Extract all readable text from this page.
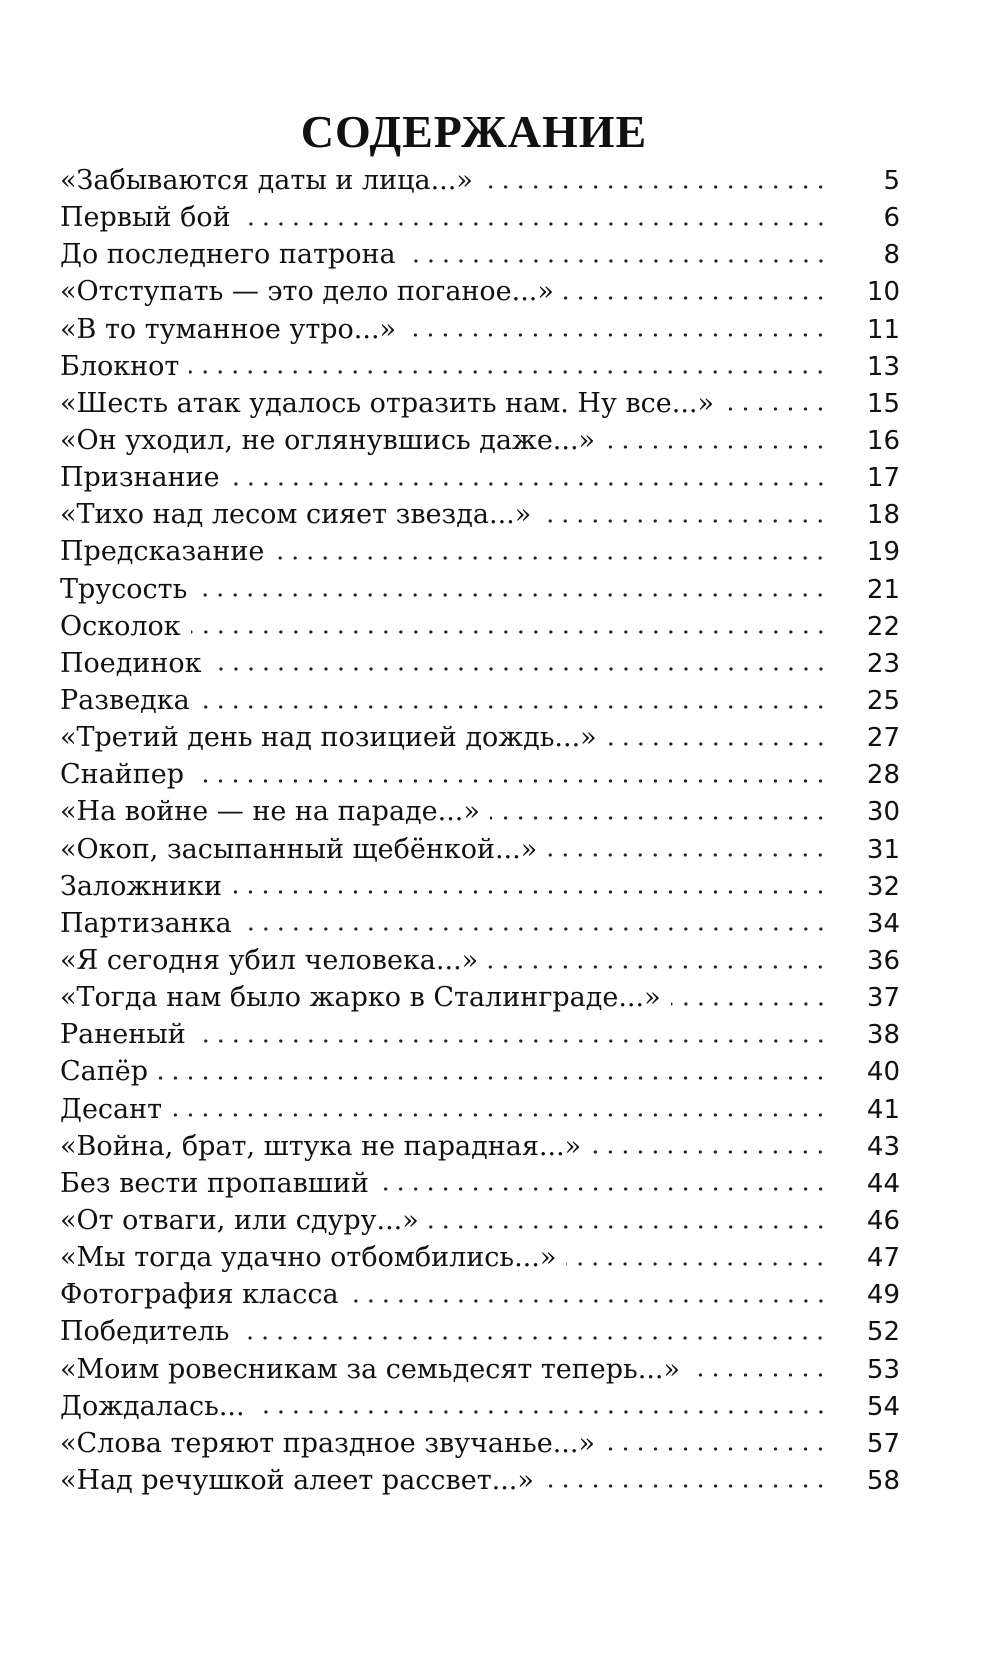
СОДЕРЖАНИЕ
«Забываются даты и лица...»	5
Первый бой	6
До последнего патрона	8
«Отступать — это дело поганое...»	10
«В то туманное утро...»	11
Блокнот	13
«Шесть атак удалось отразить нам. Ну все...»	15
«Он уходил, не оглянувшись даже...»	16
Признание	17
«Тихо над лесом сияет звезда...»	18
Предсказание	19
Трусость	21
Осколок	22
Поединок	23
Разведка	25
«Третий день над позицией дождь...»	27
Снайпер	28
«На войне — не на параде...»	30
«Окоп, засыпанный щебёнкой...»	31
Заложники	32
Партизанка	34
«Я сегодня убил человека...»	36
«Тогда нам было жарко в Сталинграде...»	37
Раненый	38
Сапёр	40
Десант	41
«Война, брат, штука не парадная...»	43
Без вести пропавший	44
«От отваги, или сдуру...»	46
«Мы тогда удачно отбомбились...»	47
Фотография класса	49
Победитель	52
«Моим ровесникам за семьдесят теперь...»	53
Дождалась...	54
«Слова теряют праздное звучанье...»	57
«Над речушкой алеет рассвет...»	58
